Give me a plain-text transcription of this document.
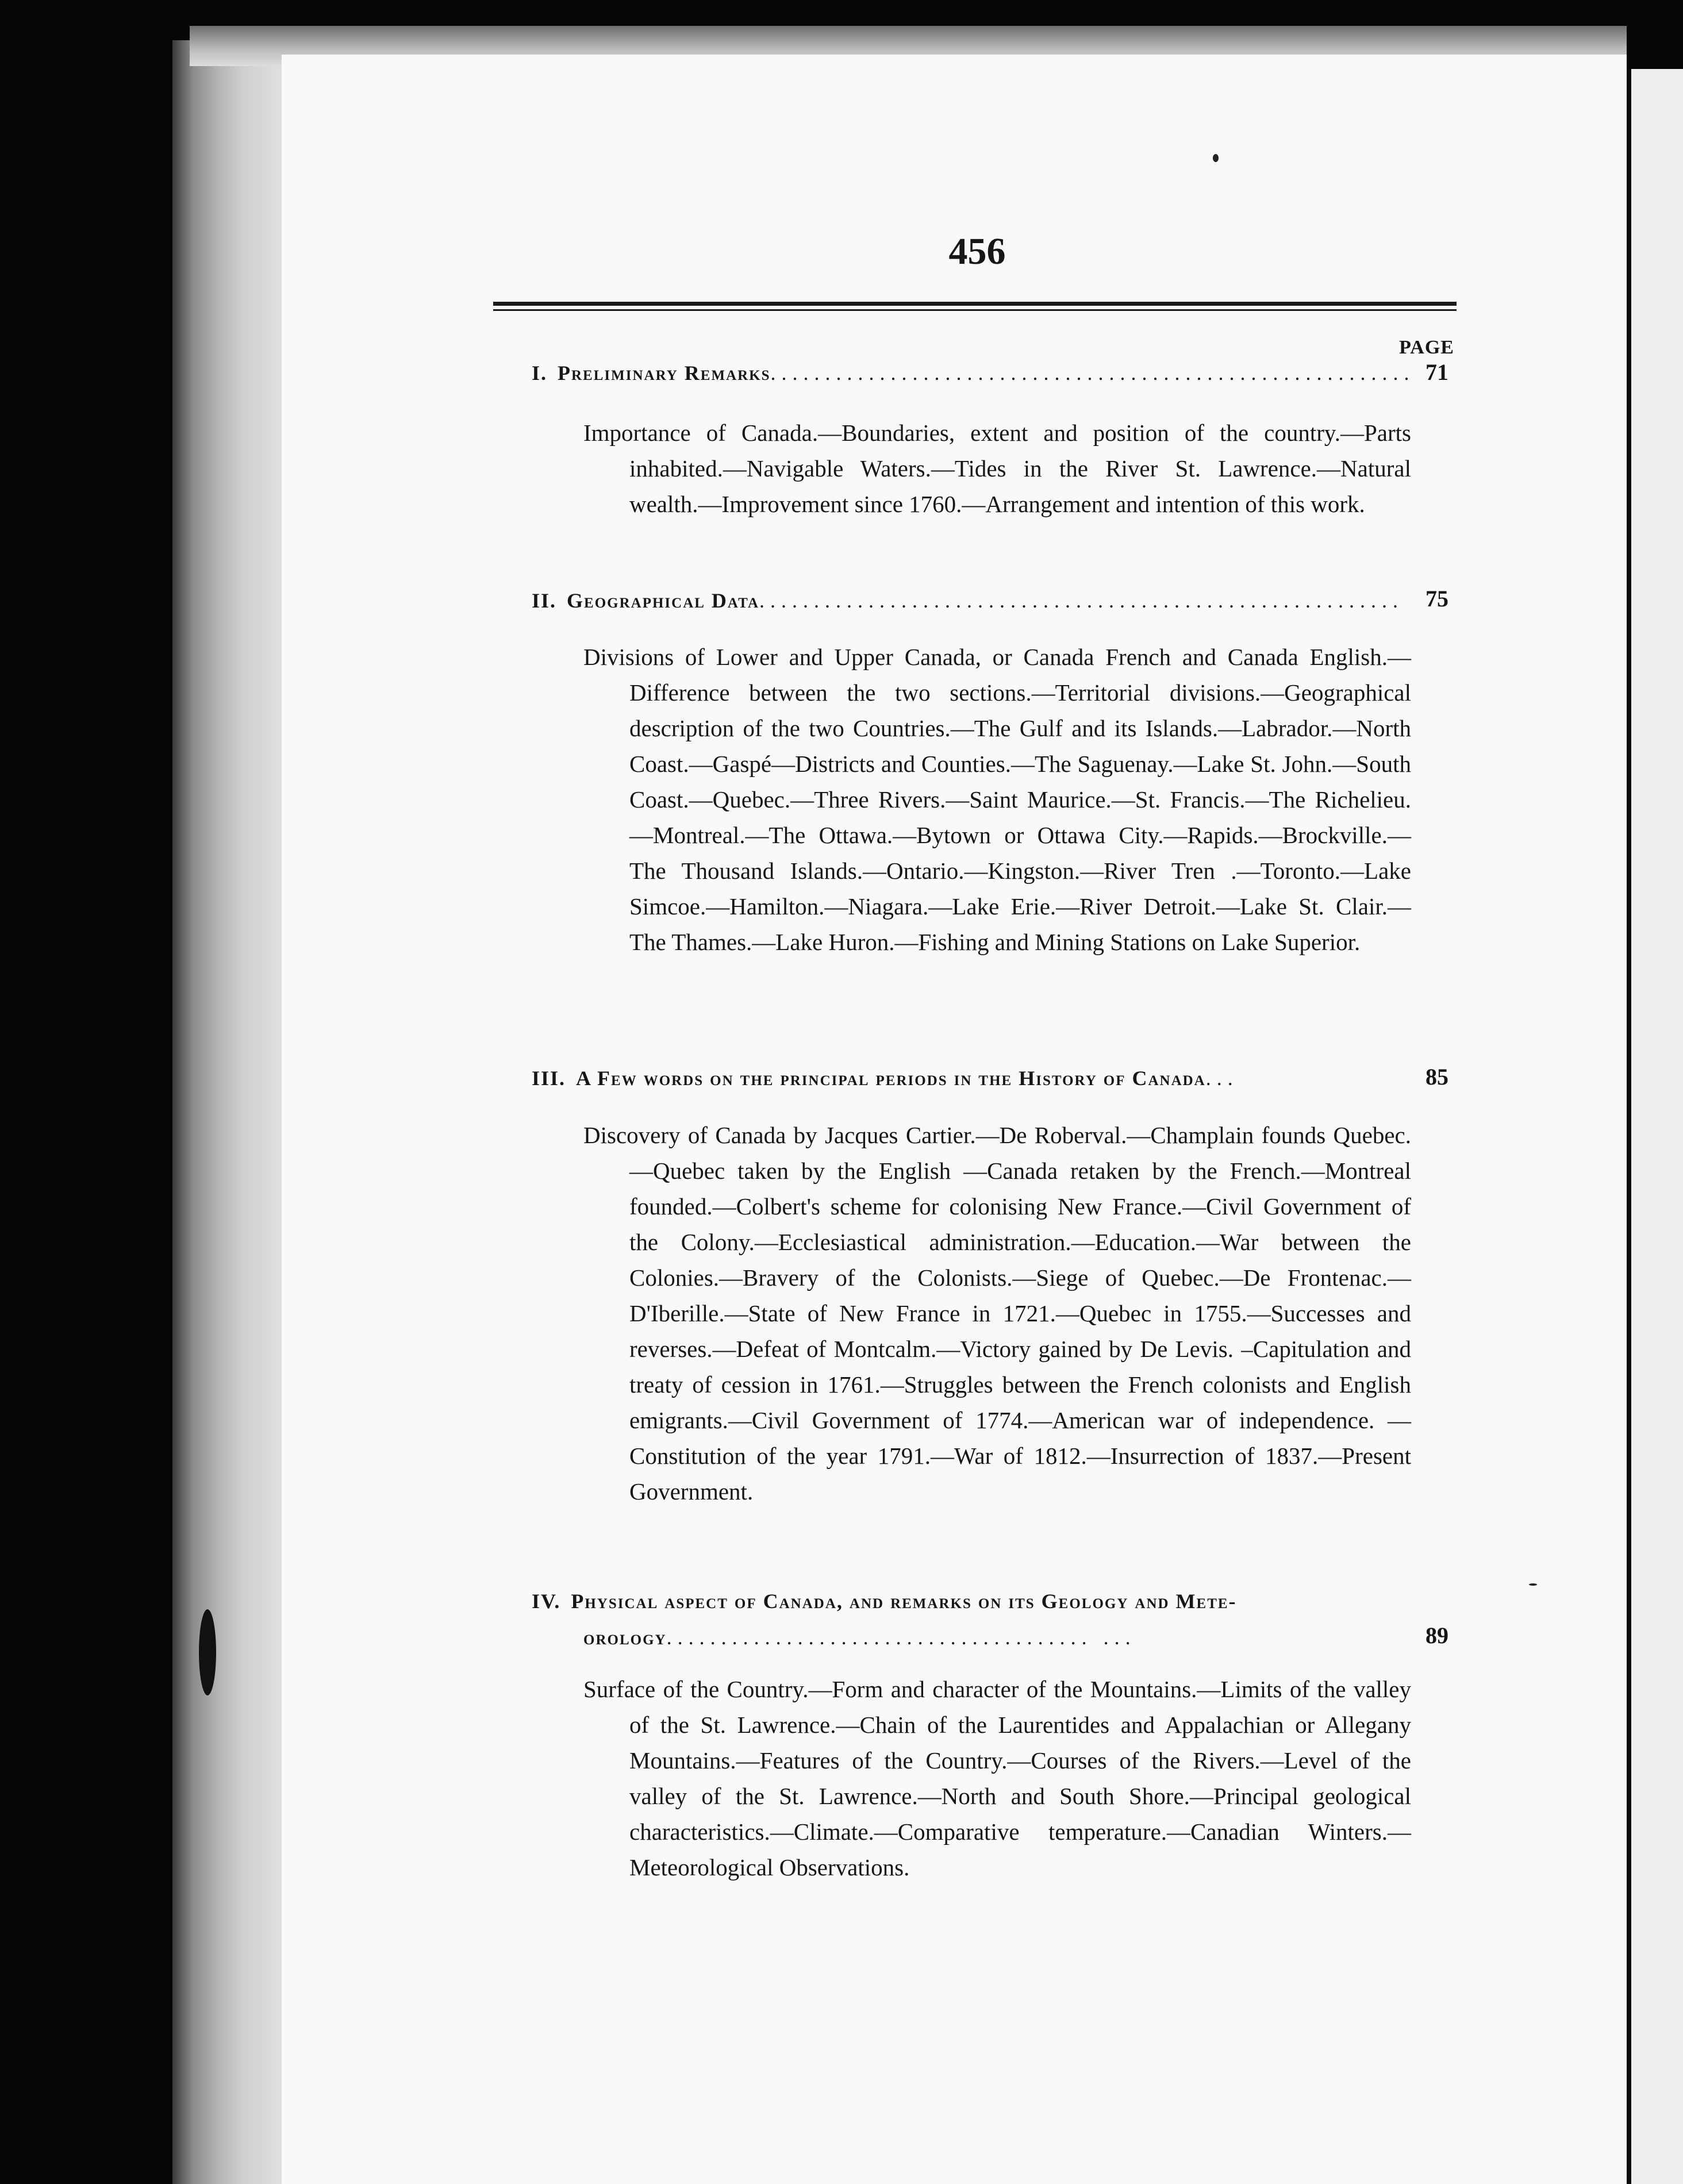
456
PAGE
I. Preliminary Remarks........................................................... 71
Importance of Canada.—Boundaries, extent and position of the country.—Parts inhabited.—Navigable Waters.—Tides in the River St. Lawrence.—Natural wealth.—Improvement since 1760.—Arrangement and intention of this work.
II. Geographical Data........................................................... 75
Divisions of Lower and Upper Canada, or Canada French and Canada English.—Difference between the two sections.—Territorial divisions.—Geographical description of the two Countries.—The Gulf and its Islands.—Labrador.—North Coast.—Gaspé—Districts and Counties.—The Saguenay.—Lake St. John.—South Coast.—Quebec.—Three Rivers.—Saint Maurice.—St. Francis.—The Richelieu.—Montreal.—The Ottawa.—Bytown or Ottawa City.—Rapids.—Brockville.—The Thousand Islands.—Ontario.—Kingston.—River Tren .—Toronto.—Lake Simcoe.—Hamilton.—Niagara.—Lake Erie.—River Detroit.—Lake St. Clair.—The Thames.—Lake Huron.—Fishing and Mining Stations on Lake Superior.
III. A Few words on the principal periods in the History of Canada...	85
Discovery of Canada by Jacques Cartier.—De Roberval.—Champlain founds Quebec.—Quebec taken by the English —Canada retaken by the French.—Montreal founded.—Colbert's scheme for colonising New France.—Civil Government of the Colony.—Ecclesiastical administration.—Education.—War between the Colonies.—Bravery of the Colonists.—Siege of Quebec.—De Frontenac.—D'Iberille.—State of New France in 1721.—Quebec in 1755.—Successes and reverses.—Defeat of Montcalm.—Victory gained by De Levis. –Capitulation and treaty of cession in 1761.—Struggles between the French colonists and English emigrants.—Civil Government of 1774.—American war of independence. —Constitution of the year 1791.—War of 1812.—Insurrection of 1837.—Present Government.
IV. Physical aspect of Canada, and remarks on its Geology and Mete-
orology....................................... ...	89
Surface of the Country.—Form and character of the Mountains.—Limits of the valley of the St. Lawrence.—Chain of the Laurentides and Appalachian or Allegany Mountains.—Features of the Country.—Courses of the Rivers.—Level of the valley of the St. Lawrence.—North and South Shore.—Principal geological characteristics.—Climate.—Comparative temperature.—Canadian Winters.—Meteorological Observations.
